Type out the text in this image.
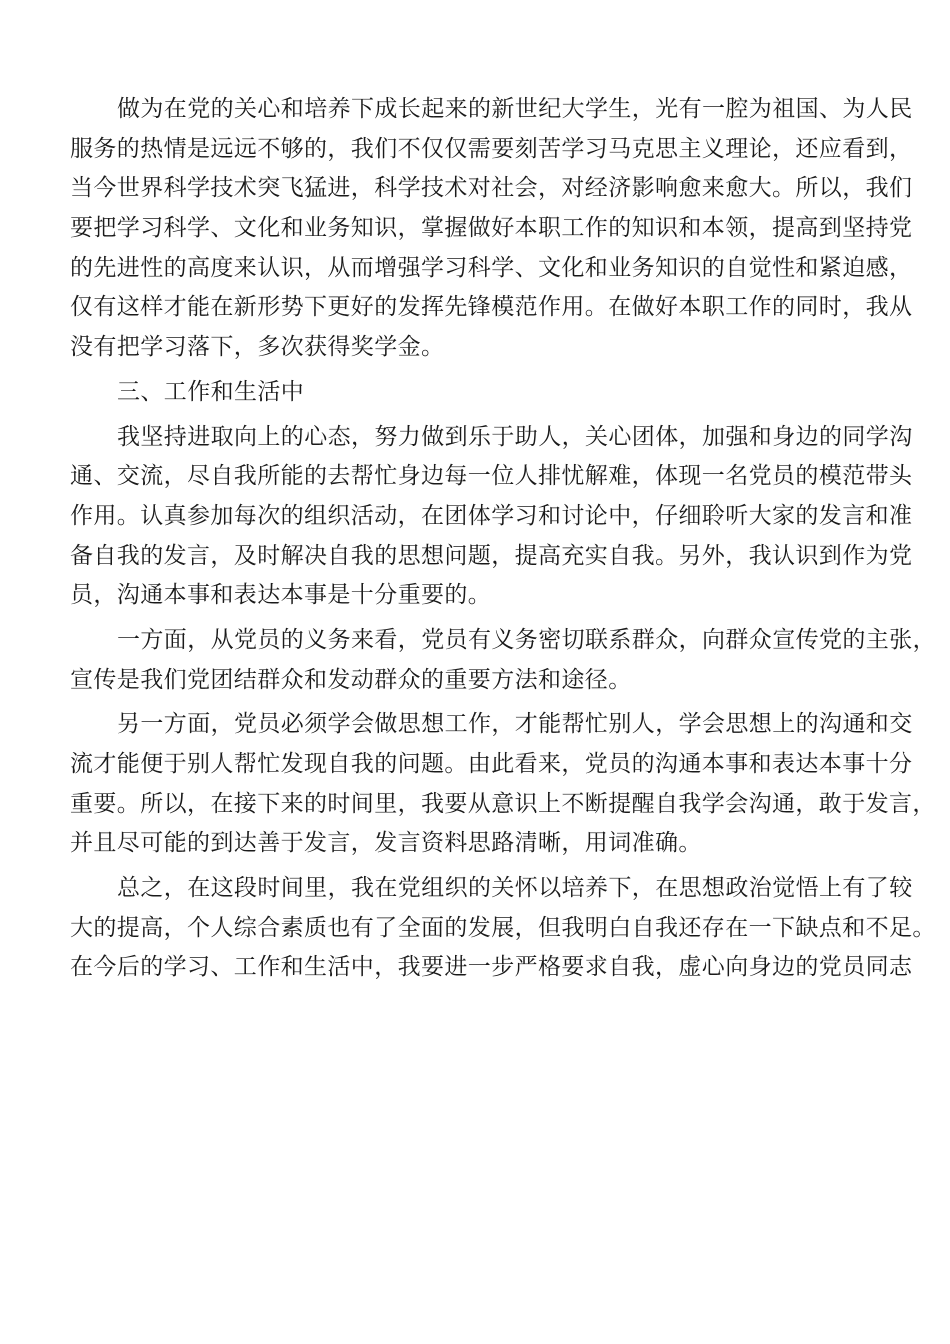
做为在党的关心和培养下成长起来的新世纪大学生，光有一腔为祖国、为人民
服务的热情是远远不够的，我们不仅仅需要刻苦学习马克思主义理论，还应看到，
当今世界科学技术突飞猛进，科学技术对社会，对经济影响愈来愈大。所以，我们
要把学习科学、文化和业务知识，掌握做好本职工作的知识和本领，提高到坚持党
的先进性的高度来认识，从而增强学习科学、文化和业务知识的自觉性和紧迫感，
仅有这样才能在新形势下更好的发挥先锋模范作用。在做好本职工作的同时，我从
没有把学习落下，多次获得奖学金。
三、工作和生活中
我坚持进取向上的心态，努力做到乐于助人，关心团体，加强和身边的同学沟
通、交流，尽自我所能的去帮忙身边每一位人排忧解难，体现一名党员的模范带头
作用。认真参加每次的组织活动，在团体学习和讨论中，仔细聆听大家的发言和准
备自我的发言，及时解决自我的思想问题，提高充实自我。另外，我认识到作为党
员，沟通本事和表达本事是十分重要的。
一方面，从党员的义务来看，党员有义务密切联系群众，向群众宣传党的主张，
宣传是我们党团结群众和发动群众的重要方法和途径。
另一方面，党员必须学会做思想工作，才能帮忙别人，学会思想上的沟通和交
流才能便于别人帮忙发现自我的问题。由此看来，党员的沟通本事和表达本事十分
重要。所以，在接下来的时间里，我要从意识上不断提醒自我学会沟通，敢于发言，
并且尽可能的到达善于发言，发言资料思路清晰，用词准确。
总之，在这段时间里，我在党组织的关怀以培养下，在思想政治觉悟上有了较
大的提高，个人综合素质也有了全面的发展，但我明白自我还存在一下缺点和不足。
在今后的学习、工作和生活中，我要进一步严格要求自我，虚心向身边的党员同志
